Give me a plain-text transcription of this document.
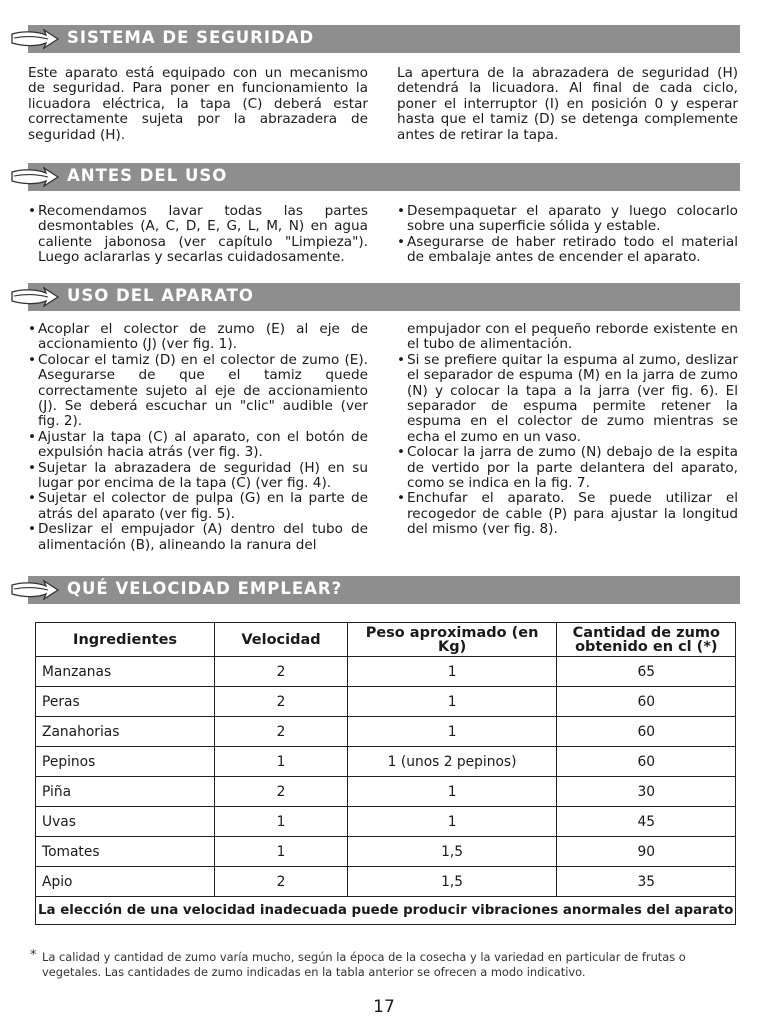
SISTEMA DE SEGURIDAD

Este aparato está equipado con un mecanismo de seguridad. Para poner en funcionamiento la licuadora eléctrica, la tapa (C) deberá estar correctamente sujeta por la abrazadera de seguridad (H).

La apertura de la abrazadera de seguridad (H) detendrá la licuadora. Al final de cada ciclo, poner el interruptor (I) en posición 0 y esperar hasta que el tamiz (D) se detenga complemente antes de retirar la tapa.

ANTES DEL USO
• Recomendamos lavar todas las partes desmontables (A, C, D, E, G, L, M, N) en agua caliente jabonosa (ver capítulo "Limpieza"). Luego aclararlas y secarlas cuidadosamente.
• Desempaquetar el aparato y luego colocarlo sobre una superficie sólida y estable.
• Asegurarse de haber retirado todo el material de embalaje antes de encender el aparato.
USO DEL APARATO
• Acoplar el colector de zumo (E) al eje de accionamiento (J) (ver fig. 1).
• Colocar el tamiz (D) en el colector de zumo (E). Asegurarse de que el tamiz quede correctamente sujeto al eje de accionamiento (J). Se deberá escuchar un "clic" audible (ver fig. 2).
• Ajustar la tapa (C) al aparato, con el botón de expulsión hacia atrás (ver fig. 3).
• Sujetar la abrazadera de seguridad (H) en su lugar por encima de la tapa (C) (ver fig. 4).
• Sujetar el colector de pulpa (G) en la parte de atrás del aparato (ver fig. 5).
• Deslizar el empujador (A) dentro del tubo de alimentación (B), alineando la ranura del
empujador con el pequeño reborde existente en el tubo de alimentación.
• Si se prefiere quitar la espuma al zumo, deslizar el separador de espuma (M) en la jarra de zumo (N) y colocar la tapa a la jarra (ver fig. 6). El separador de espuma permite retener la espuma en el colector de zumo mientras se echa el zumo en un vaso.
• Colocar la jarra de zumo (N) debajo de la espita de vertido por la parte delantera del aparato, como se indica en la fig. 7.
• Enchufar el aparato. Se puede utilizar el recogedor de cable (P) para ajustar la longitud del mismo (ver fig. 8).
QUÉ VELOCIDAD EMPLEAR?
Ingredientes	Velocidad	Peso aproximado (en Kg)	Cantidad de zumo obtenido en cl (*)
Manzanas	2	1	65
Peras	2	1	60
Zanahorias	2	1	60
Pepinos	1	1 (unos 2 pepinos)	60
Piña	2	1	30
Uvas	1	1	45
Tomates	1	1,5	90
Apio	2	1,5	35
La elección de una velocidad inadecuada puede producir vibraciones anormales del aparato			
* La calidad y cantidad de zumo varía mucho, según la época de la cosecha y la variedad en particular de frutas o vegetales. Las cantidades de zumo indicadas en la tabla anterior se ofrecen a modo indicativo.
17
